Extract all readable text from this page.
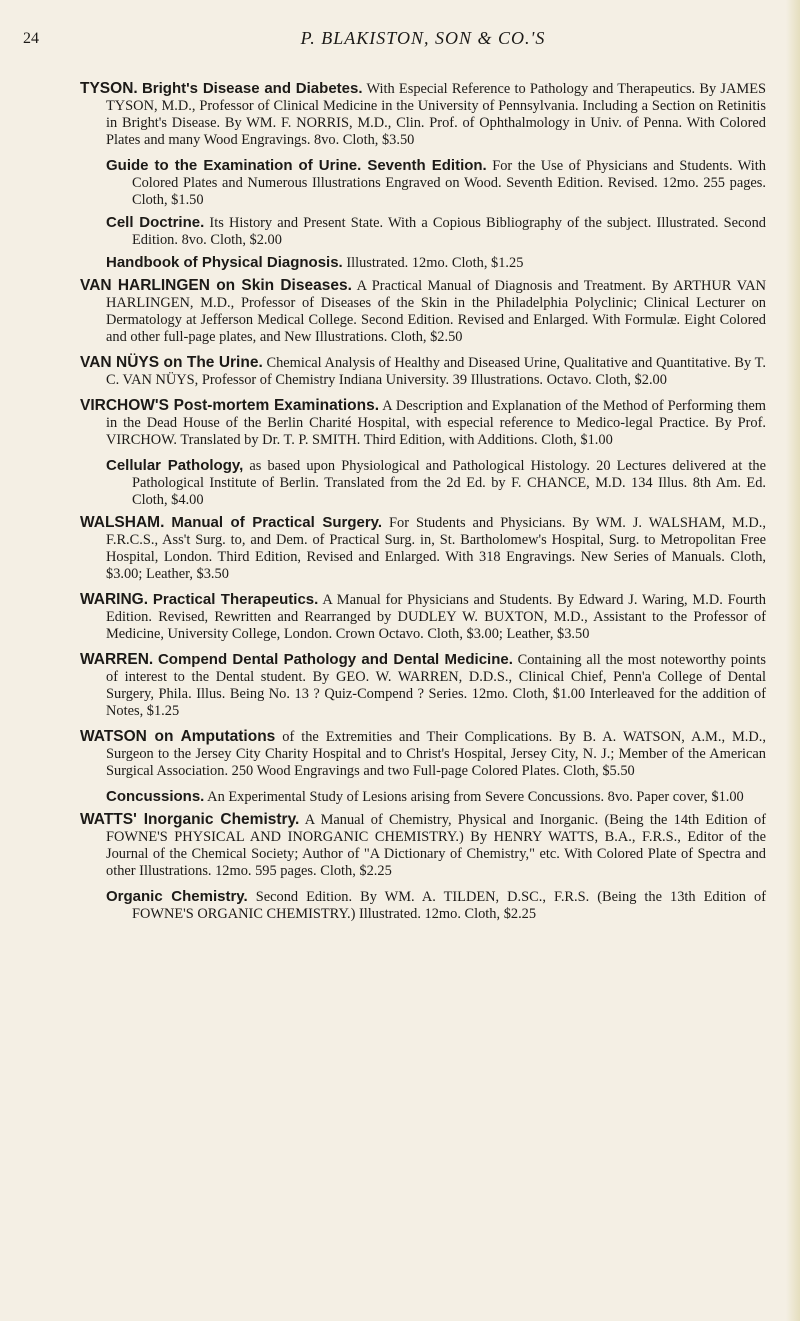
24	P. BLAKISTON, SON & CO.'S

TYSON. Bright's Disease and Diabetes. With Especial Reference to Pathology and Therapeutics. By JAMES TYSON, M.D., Professor of Clinical Medicine in the University of Pennsylvania. Including a Section on Retinitis in Bright's Disease. By WM. F. NORRIS, M.D., Clin. Prof. of Ophthalmology in Univ. of Penna. With Colored Plates and many Wood Engravings. 8vo. Cloth, $3.50

Guide to the Examination of Urine. Seventh Edition. For the Use of Physicians and Students. With Colored Plates and Numerous Illustrations Engraved on Wood. Seventh Edition. Revised. 12mo. 255 pages. Cloth, $1.50

Cell Doctrine. Its History and Present State. With a Copious Bibliography of the subject. Illustrated. Second Edition. 8vo. Cloth, $2.00

Handbook of Physical Diagnosis. Illustrated. 12mo. Cloth, $1.25

VAN HARLINGEN on Skin Diseases. A Practical Manual of Diagnosis and Treatment. By ARTHUR VAN HARLINGEN, M.D., Professor of Diseases of the Skin in the Philadelphia Polyclinic; Clinical Lecturer on Dermatology at Jefferson Medical College. Second Edition. Revised and Enlarged. With Formulæ. Eight Colored and other full-page plates, and New Illustrations. Cloth, $2.50

VAN NÜYS on The Urine. Chemical Analysis of Healthy and Diseased Urine, Qualitative and Quantitative. By T. C. VAN NÜYS, Professor of Chemistry Indiana University. 39 Illustrations. Octavo. Cloth, $2.00

VIRCHOW'S Post-mortem Examinations. A Description and Explanation of the Method of Performing them in the Dead House of the Berlin Charité Hospital, with especial reference to Medico-legal Practice. By Prof. VIRCHOW. Translated by Dr. T. P. SMITH. Third Edition, with Additions. Cloth, $1.00

Cellular Pathology, as based upon Physiological and Pathological Histology. 20 Lectures delivered at the Pathological Institute of Berlin. Translated from the 2d Ed. by F. CHANCE, M.D. 134 Illus. 8th Am. Ed. Cloth, $4.00

WALSHAM. Manual of Practical Surgery. For Students and Physicians. By WM. J. WALSHAM, M.D., F.R.C.S., Ass't Surg. to, and Dem. of Practical Surg. in, St. Bartholomew's Hospital, Surg. to Metropolitan Free Hospital, London. Third Edition, Revised and Enlarged. With 318 Engravings. New Series of Manuals. Cloth, $3.00; Leather, $3.50

WARING. Practical Therapeutics. A Manual for Physicians and Students. By Edward J. Waring, M.D. Fourth Edition. Revised, Rewritten and Rearranged by DUDLEY W. BUXTON, M.D., Assistant to the Professor of Medicine, University College, London. Crown Octavo. Cloth, $3.00; Leather, $3.50

WARREN. Compend Dental Pathology and Dental Medicine. Containing all the most noteworthy points of interest to the Dental student. By GEO. W. WARREN, D.D.S., Clinical Chief, Penn'a College of Dental Surgery, Phila. Illus. Being No. 13 ? Quiz-Compend ? Series. 12mo. Cloth, $1.00 Interleaved for the addition of Notes, $1.25

WATSON on Amputations of the Extremities and Their Complications. By B. A. WATSON, A.M., M.D., Surgeon to the Jersey City Charity Hospital and to Christ's Hospital, Jersey City, N. J.; Member of the American Surgical Association. 250 Wood Engravings and two Full-page Colored Plates. Cloth, $5.50

Concussions. An Experimental Study of Lesions arising from Severe Concussions. 8vo. Paper cover, $1.00

WATTS' Inorganic Chemistry. A Manual of Chemistry, Physical and Inorganic. (Being the 14th Edition of FOWNE'S PHYSICAL AND INORGANIC CHEMISTRY.) By HENRY WATTS, B.A., F.R.S., Editor of the Journal of the Chemical Society; Author of "A Dictionary of Chemistry," etc. With Colored Plate of Spectra and other Illustrations. 12mo. 595 pages. Cloth, $2.25

Organic Chemistry. Second Edition. By WM. A. TILDEN, D.SC., F.R.S. (Being the 13th Edition of FOWNE'S ORGANIC CHEMISTRY.) Illustrated. 12mo. Cloth, $2.25
